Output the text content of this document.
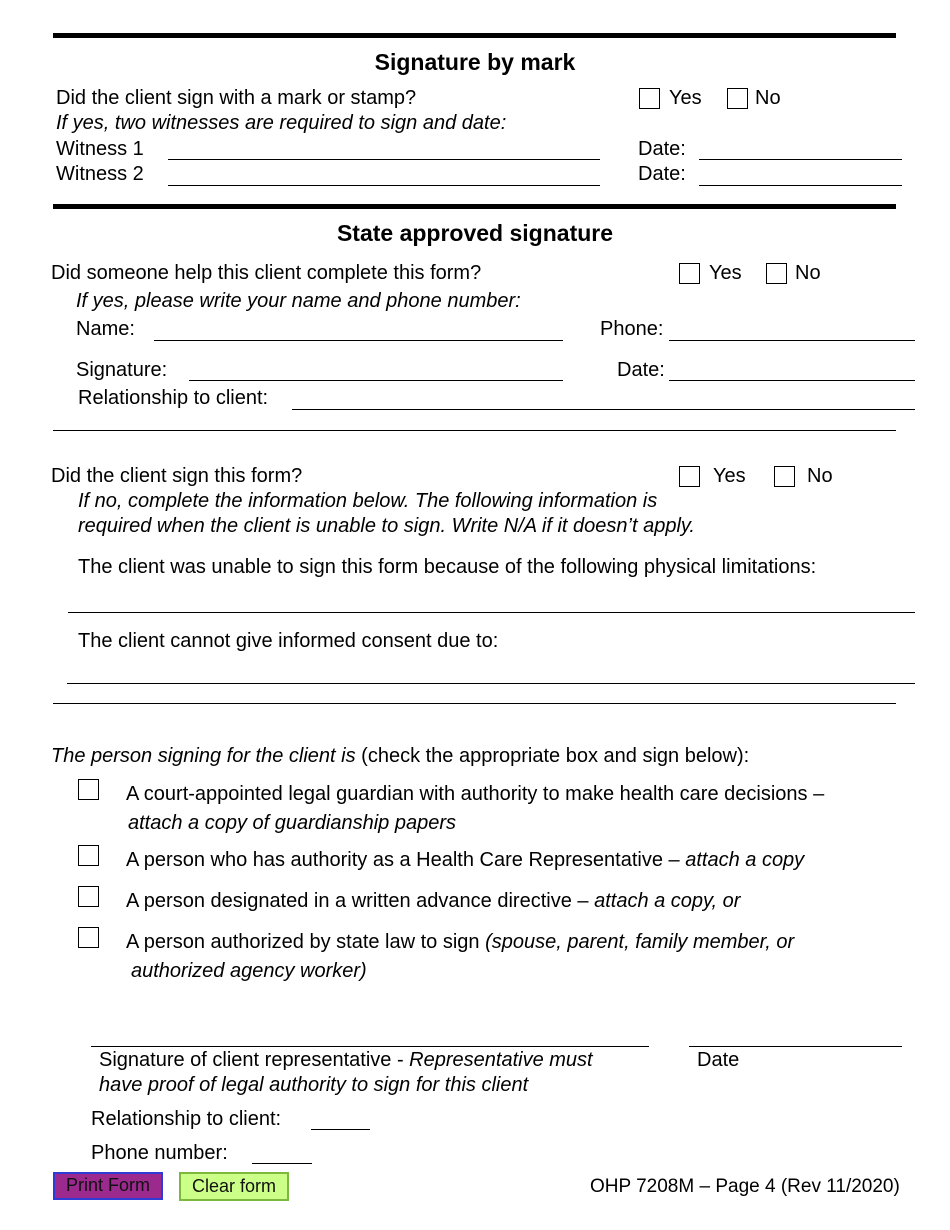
Signature by mark
Did the client sign with a mark or stamp?	Yes	No
If yes, two witnesses are required to sign and date:
Witness 1	Date:
Witness 2	Date:
State approved signature
Did someone help this client complete this form?	Yes	No
If yes, please write your name and phone number:
Name:	Phone:
Signature:	Date:
Relationship to client:
Did the client sign this form?	Yes	No
If no, complete the information below. The following information is
required when the client is unable to sign. Write N/A if it doesn’t apply.
The client was unable to sign this form because of the following physical limitations:
The client cannot give informed consent due to:
The person signing for the client is (check the appropriate box and sign below):
A court-appointed legal guardian with authority to make health care decisions –
attach a copy of guardianship papers
A person who has authority as a Health Care Representative – attach a copy
A person designated in a written advance directive – attach a copy, or
A person authorized by state law to sign (spouse, parent, family member, or
authorized agency worker)
Signature of client representative - Representative must
have proof of legal authority to sign for this client
Date
Relationship to client:
Phone number:
Print Form	Clear form	OHP 7208M – Page 4 (Rev 11/2020)
